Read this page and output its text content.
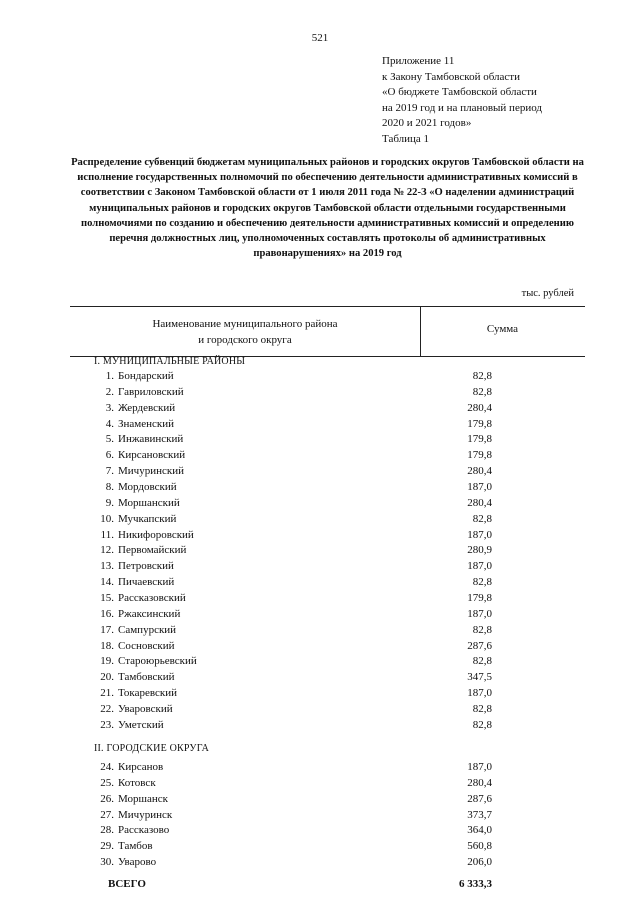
521
Приложение 11
к Закону Тамбовской области
«О бюджете Тамбовской области
на 2019 год и на плановый период
2020 и 2021 годов»
Таблица 1
Распределение субвенций бюджетам муниципальных районов и городских округов Тамбовской области на исполнение государственных полномочий по обеспечению деятельности административных комиссий в соответствии с Законом Тамбовской области от 1 июля 2011 года № 22-З «О наделении администраций муниципальных районов и городских округов Тамбовской области отдельными государственными полномочиями по созданию и обеспечению деятельности административных комиссий и определению перечня должностных лиц, уполномоченных составлять протоколы об административных правонарушениях» на 2019 год
тыс. рублей
Наименование муниципального района
и городского округа
Сумма
I. МУНИЦИПАЛЬНЫЕ РАЙОНЫ
1. Бондарский	82,8
2. Гавриловский	82,8
3. Жердевский	280,4
4. Знаменский	179,8
5. Инжавинский	179,8
6. Кирсановский	179,8
7. Мичуринский	280,4
8. Мордовский	187,0
9. Моршанский	280,4
10. Мучкапский	82,8
11. Никифоровский	187,0
12. Первомайский	280,9
13. Петровский	187,0
14. Пичаевский	82,8
15. Рассказовский	179,8
16. Ржаксинский	187,0
17. Сампурский	82,8
18. Сосновский	287,6
19. Староюрьевский	82,8
20. Тамбовский	347,5
21. Токаревский	187,0
22. Уваровский	82,8
23. Уметский	82,8
II. ГОРОДСКИЕ ОКРУГА
24. Кирсанов	187,0
25. Котовск	280,4
26. Моршанск	287,6
27. Мичуринск	373,7
28. Рассказово	364,0
29. Тамбов	560,8
30. Уварово	206,0
ВСЕГО	6 333,3
